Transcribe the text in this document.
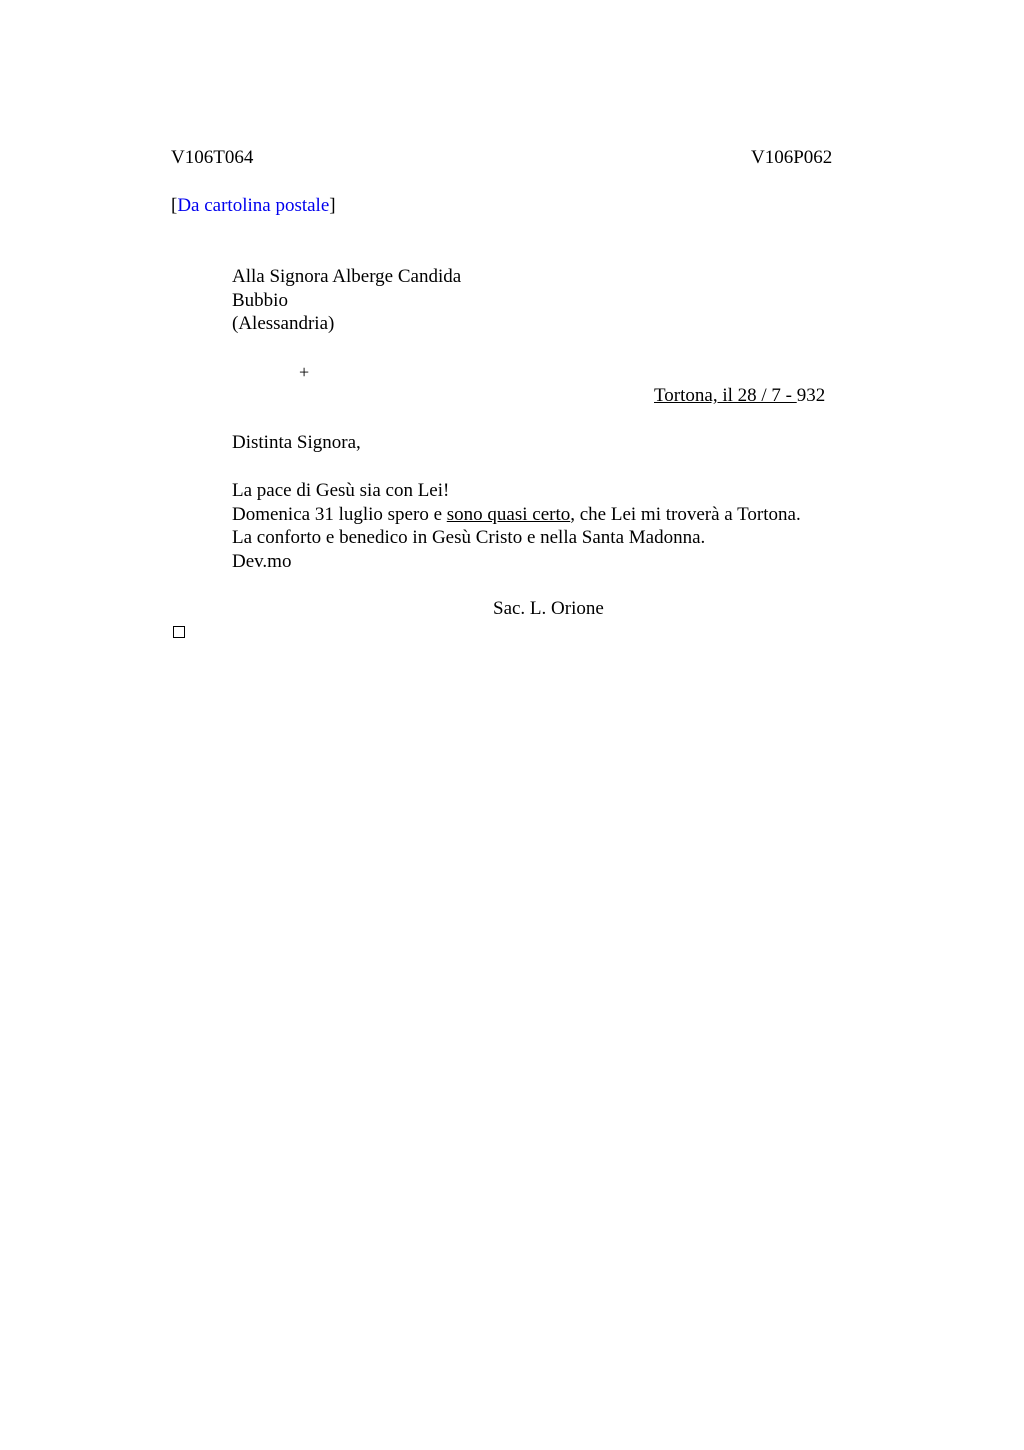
V106T064	V106P062
[Da cartolina postale]
Alla Signora Alberge Candida
Bubbio
(Alessandria)
+
Tortona, il 28 / 7 - 932
Distinta Signora,
La pace di Gesù sia con Lei!
Domenica 31 luglio spero e sono quasi certo, che Lei mi troverà a Tortona.
La conforto e benedico in Gesù Cristo e nella Santa Madonna.
Dev.mo
Sac. L. Orione
